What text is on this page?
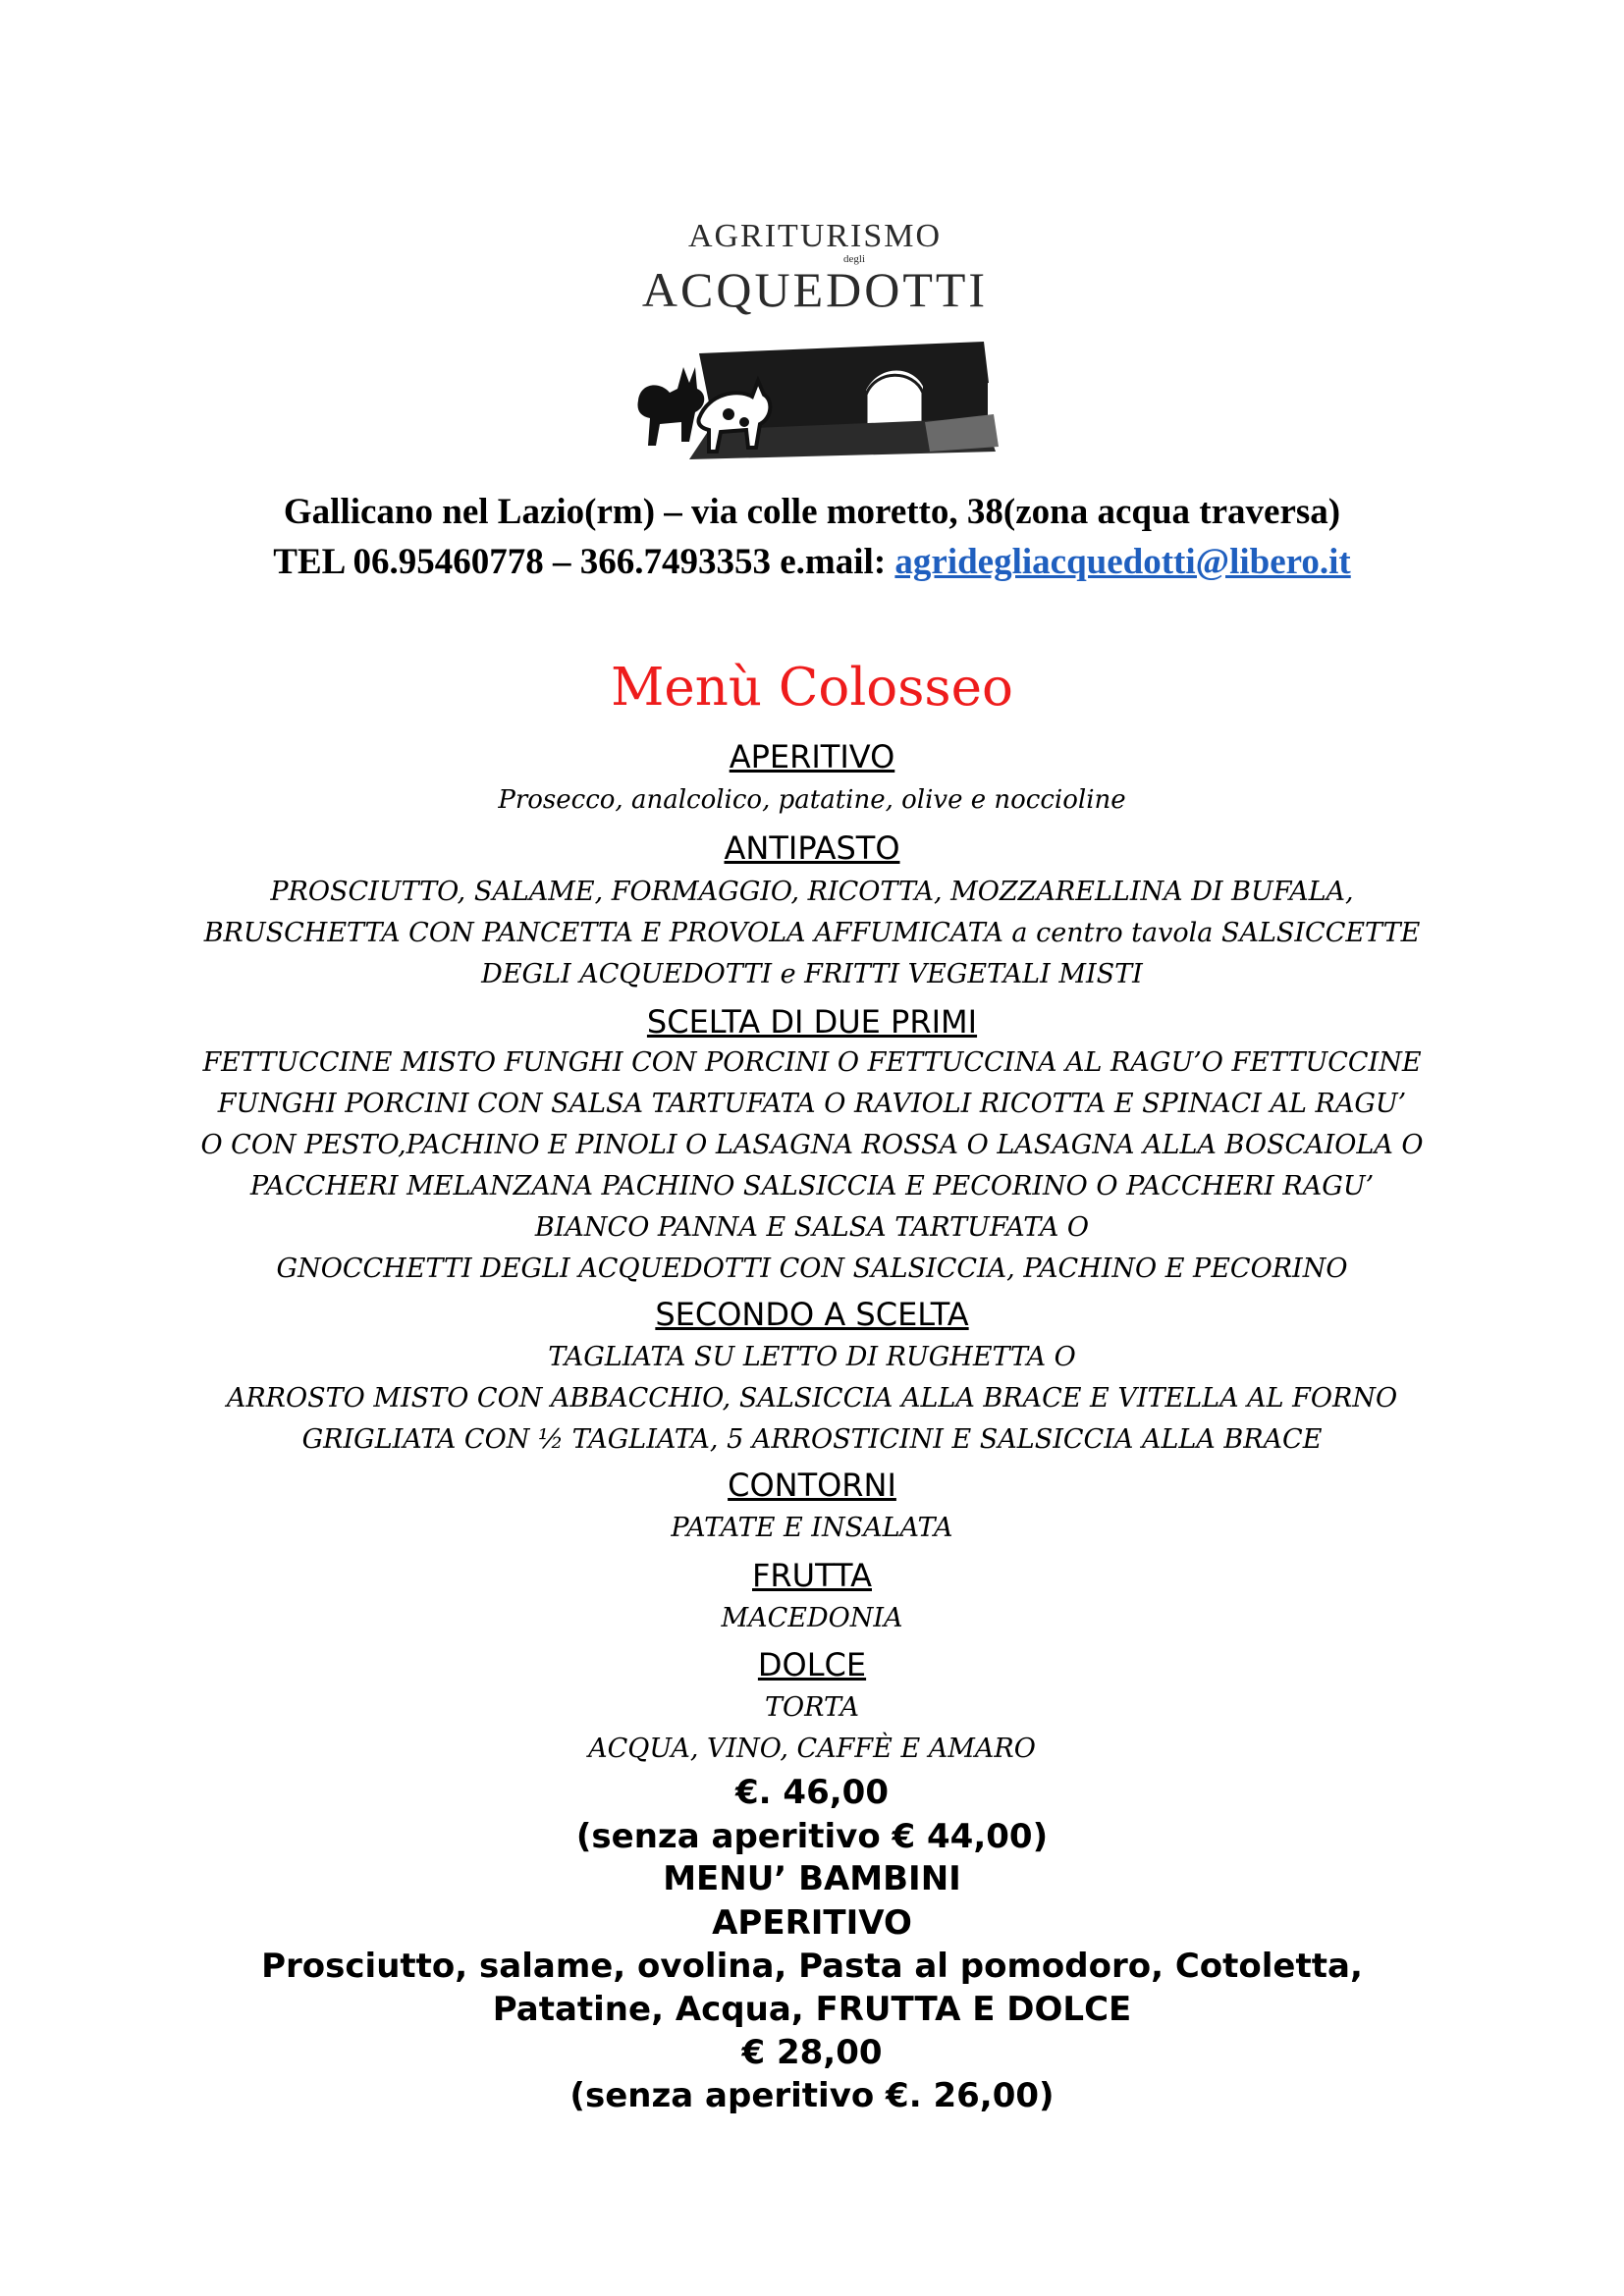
AGRITURISMO
degli
ACQUEDOTTI
Gallicano nel Lazio(rm) – via colle moretto, 38(zona acqua traversa)
TEL 06.95460778 – 366.7493353 e.mail: agridegliacquedotti@libero.it
Menù Colosseo
APERITIVO
Prosecco, analcolico, patatine, olive e noccioline
ANTIPASTO
PROSCIUTTO, SALAME, FORMAGGIO, RICOTTA, MOZZARELLINA DI BUFALA,
BRUSCHETTA CON PANCETTA E PROVOLA AFFUMICATA a centro tavola SALSICCETTE
DEGLI ACQUEDOTTI e FRITTI VEGETALI MISTI
SCELTA DI DUE PRIMI
FETTUCCINE MISTO FUNGHI CON PORCINI O FETTUCCINA AL RAGU’O FETTUCCINE
FUNGHI PORCINI CON SALSA TARTUFATA O RAVIOLI RICOTTA E SPINACI AL RAGU’
O CON PESTO,PACHINO E PINOLI O LASAGNA ROSSA O LASAGNA ALLA BOSCAIOLA O
PACCHERI MELANZANA PACHINO SALSICCIA E PECORINO O PACCHERI RAGU’
BIANCO PANNA E SALSA TARTUFATA O
GNOCCHETTI DEGLI ACQUEDOTTI CON SALSICCIA, PACHINO E PECORINO
SECONDO A SCELTA
TAGLIATA SU LETTO DI RUGHETTA O
ARROSTO MISTO CON ABBACCHIO, SALSICCIA ALLA BRACE E VITELLA AL FORNO
GRIGLIATA CON ½ TAGLIATA, 5 ARROSTICINI E SALSICCIA ALLA BRACE
CONTORNI
PATATE E INSALATA
FRUTTA
MACEDONIA
DOLCE
TORTA
ACQUA, VINO, CAFFÈ E AMARO
€. 46,00
(senza aperitivo € 44,00)
MENU’ BAMBINI
APERITIVO
Prosciutto, salame, ovolina, Pasta al pomodoro, Cotoletta,
Patatine, Acqua, FRUTTA E DOLCE
€ 28,00
(senza aperitivo €. 26,00)
